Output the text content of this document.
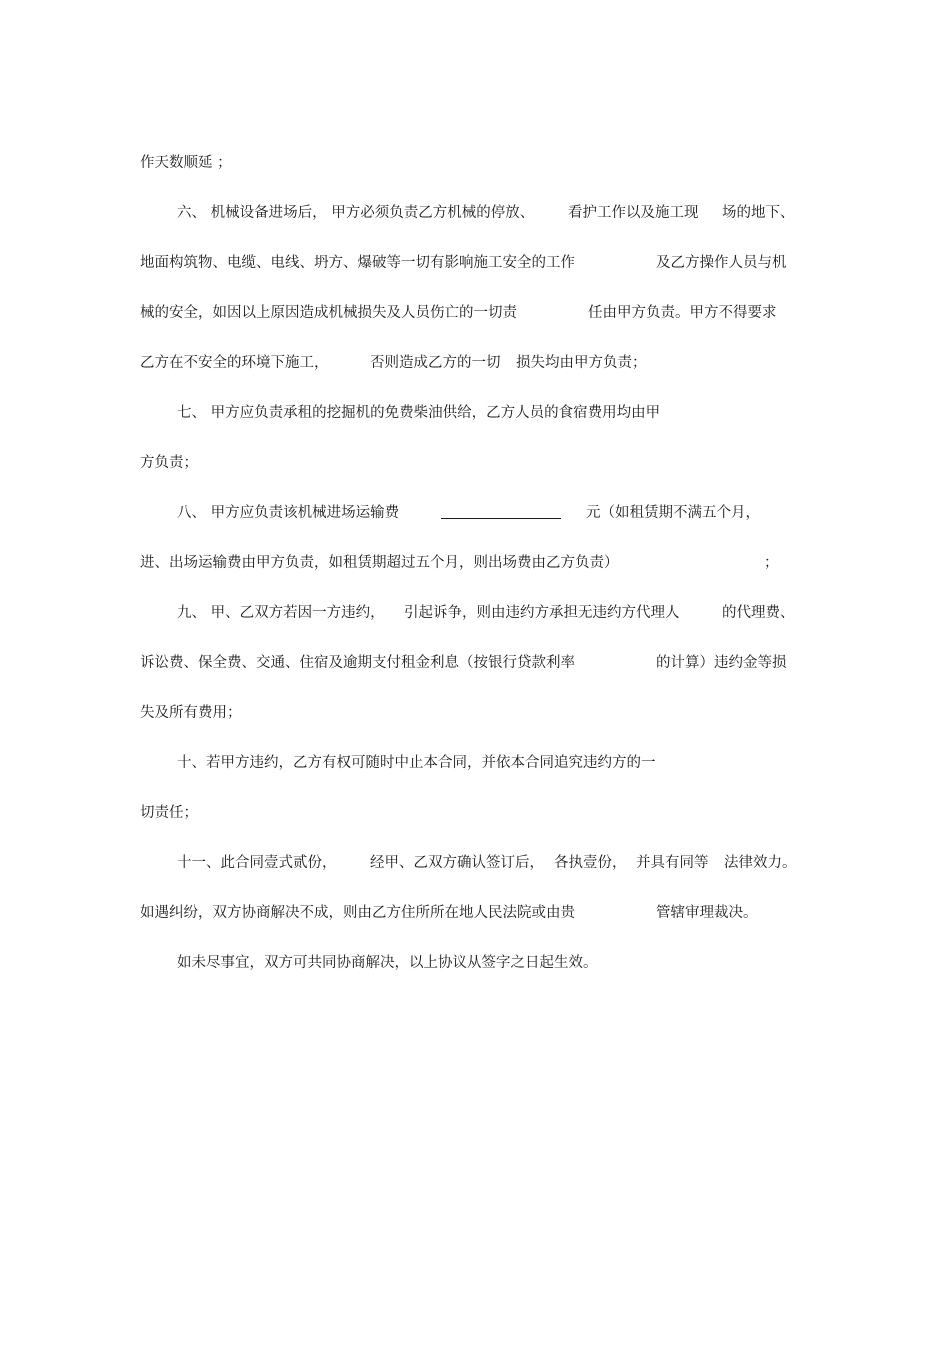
作天数顺延 ；
六、 机械设备进场后， 甲方必须负责乙方机械的停放、 看护工作以及施工现 场的地下、
地面构筑物、电缆、电线、坍方、爆破等一切有影响施工安全的工作	及乙方操作人员与机
械的安全，如因以上原因造成机械损失及人员伤亡的一切责	任由甲方负责。甲方不得要求
乙方在不安全的环境下施工，	否则造成乙方的一切 损失均由甲方负责；
七、 甲方应负责承租的挖掘机的免费柴油供给，乙方人员的食宿费用均由甲
方负责；
八、 甲方应负责该机械进场运输费	元（如租赁期不满五个月，
进、出场运输费由甲方负责，如租赁期超过五个月，则出场费由乙方负责）	；
九、 甲、乙双方若因一方违约， 引起诉争，则由违约方承担无违约方代理人	的代理费、
诉讼费、保全费、交通、住宿及逾期支付租金利息（按银行贷款利率	的计算）违约金等损
失及所有费用；
十、若甲方违约，乙方有权可随时中止本合同，并依本合同追究违约方的一
切责任；
十一、此合同壹式贰份， 经甲、乙双方确认签订后， 各执壹份， 并具有同等 法律效力。
如遇纠纷，双方协商解决不成，则由乙方住所所在地人民法院或由贵	管辖审理裁决。
如未尽事宜，双方可共同协商解决，以上协议从签字之日起生效。
